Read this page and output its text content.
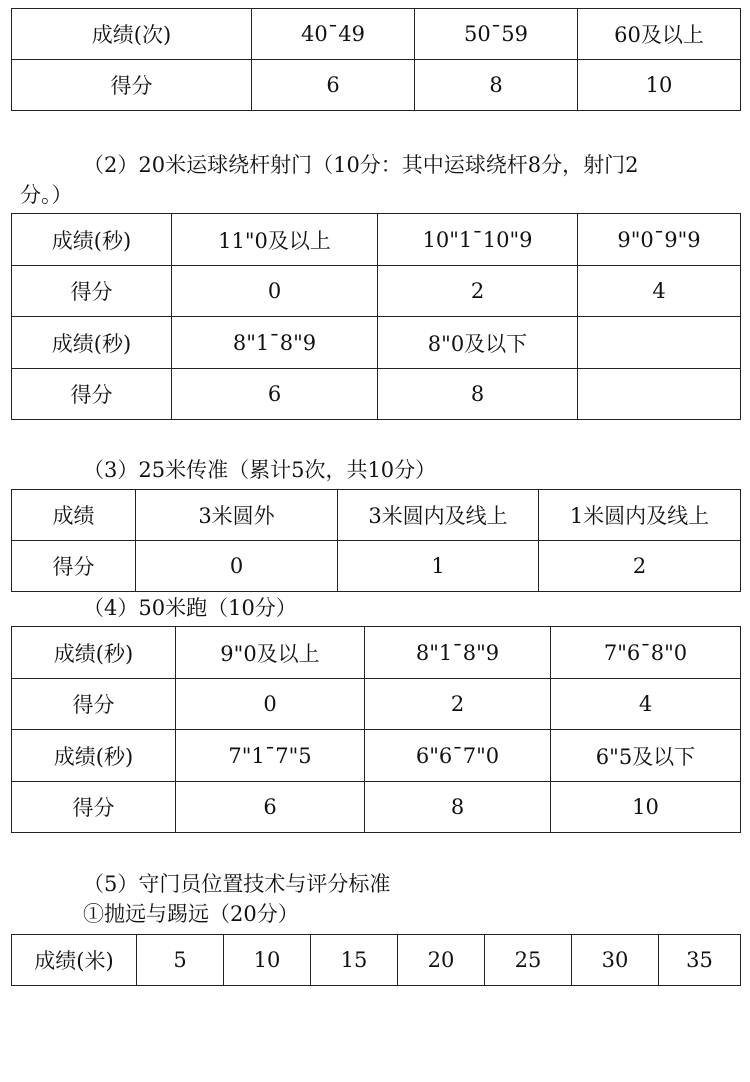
成绩(次)	40¯49	50¯59	60及以上
得分	6	8	10
（2）20米运球绕杆射门（10分：其中运球绕杆8分，射门2
分。）
成绩(秒)	11"0及以上	10"1¯10"9	9"0¯9"9
得分	0	2	4
成绩(秒)	8"1¯8"9	8"0及以下	
得分	6	8	
（3）25米传准（累计5次，共10分）
成绩	3米圆外	3米圆内及线上	1米圆内及线上
得分	0	1	2
（4）50米跑（10分）
成绩(秒)	9"0及以上	8"1¯8"9	7"6¯8"0
得分	0	2	4
成绩(秒)	7"1¯7"5	6"6¯7"0	6"5及以下
得分	6	8	10
（5）守门员位置技术与评分标准
①抛远与踢远（20分）
成绩(米)	5	10	15	20	25	30	35
